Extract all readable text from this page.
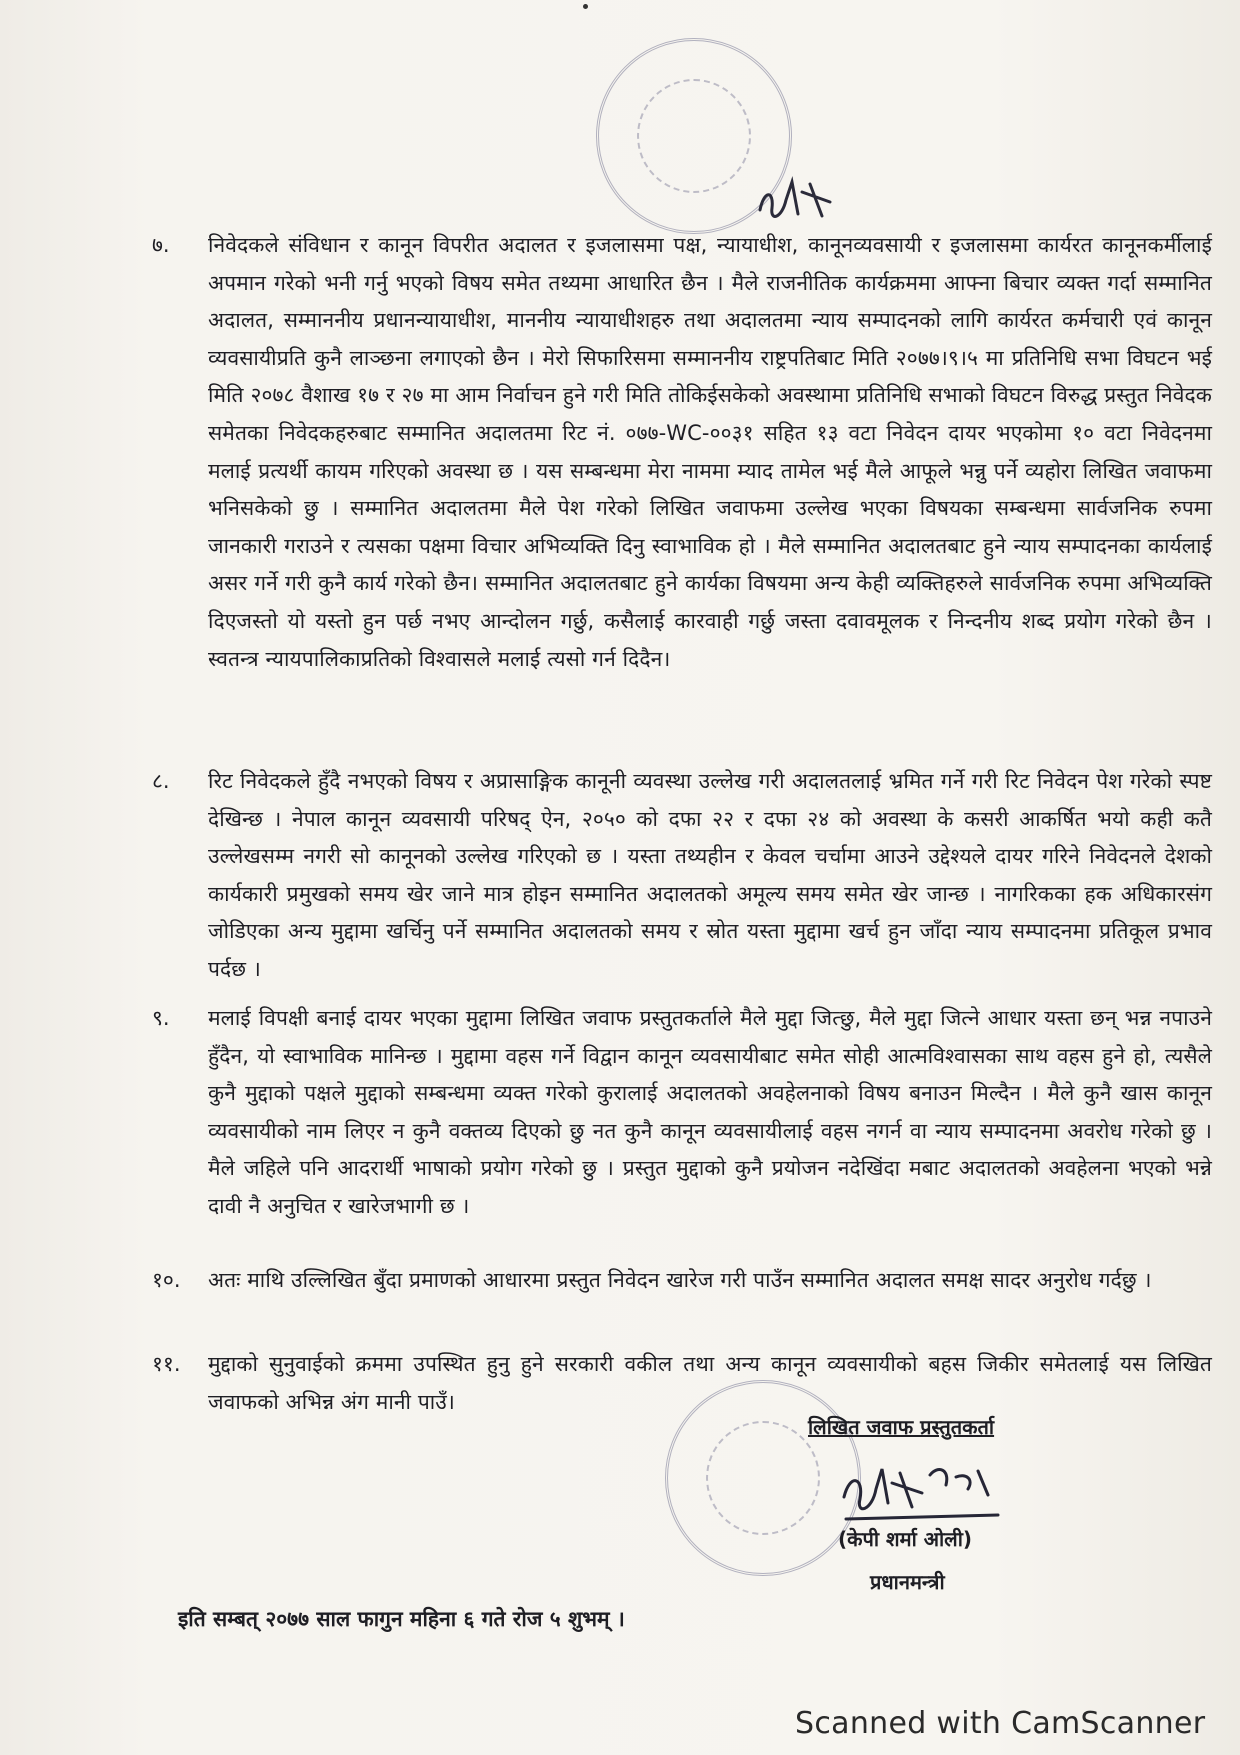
७.	निवेदकले संविधान र कानून विपरीत अदालत र इजलासमा पक्ष, न्यायाधीश, कानूनव्यवसायी र इजलासमा कार्यरत कानूनकर्मीलाई अपमान गरेको भनी गर्नु भएको विषय समेत तथ्यमा आधारित छैन । मैले राजनीतिक कार्यक्रममा आफ्ना बिचार व्यक्त गर्दा सम्मानित अदालत, सम्माननीय प्रधानन्यायाधीश, माननीय न्यायाधीशहरु तथा अदालतमा न्याय सम्पादनको लागि कार्यरत कर्मचारी एवं कानून व्यवसायीप्रति कुनै लाञ्छना लगाएको छैन । मेरो सिफारिसमा सम्माननीय राष्ट्रपतिबाट मिति २०७७।९।५ मा प्रतिनिधि सभा विघटन भई मिति २०७८ वैशाख १७ र २७ मा आम निर्वाचन हुने गरी मिति तोकिईसकेको अवस्थामा प्रतिनिधि सभाको विघटन विरुद्ध प्रस्तुत निवेदक समेतका निवेदकहरुबाट सम्मानित अदालतमा रिट नं. ०७७-WC-००३१ सहित १३ वटा निवेदन दायर भएकोमा १० वटा निवेदनमा मलाई प्रत्यर्थी कायम गरिएको अवस्था छ । यस सम्बन्धमा मेरा नाममा म्याद तामेल भई मैले आफूले भन्नु पर्ने व्यहोरा लिखित जवाफमा भनिसकेको छु । सम्मानित अदालतमा मैले पेश गरेको लिखित जवाफमा उल्लेख भएका विषयका सम्बन्धमा सार्वजनिक रुपमा जानकारी गराउने र त्यसका पक्षमा विचार अभिव्यक्ति दिनु स्वाभाविक हो । मैले सम्मानित अदालतबाट हुने न्याय सम्पादनका कार्यलाई असर गर्ने गरी कुनै कार्य गरेको छैन। सम्मानित अदालतबाट हुने कार्यका विषयमा अन्य केही व्यक्तिहरुले सार्वजनिक रुपमा अभिव्यक्ति दिएजस्तो यो यस्तो हुन पर्छ नभए आन्दोलन गर्छु, कसैलाई कारवाही गर्छु जस्ता दवावमूलक र निन्दनीय शब्द प्रयोग गरेको छैन । स्वतन्त्र न्यायपालिकाप्रतिको विश्वासले मलाई त्यसो गर्न दिदैन।
८.	रिट निवेदकले हुँदै नभएको विषय र अप्रासाङ्गिक कानूनी व्यवस्था उल्लेख गरी अदालतलाई भ्रमित गर्ने गरी रिट निवेदन पेश गरेको स्पष्ट देखिन्छ । नेपाल कानून व्यवसायी परिषद् ऐन, २०५० को दफा २२ र दफा २४ को अवस्था के कसरी आकर्षित भयो कही कतै उल्लेखसम्म नगरी सो कानूनको उल्लेख गरिएको छ । यस्ता तथ्यहीन र केवल चर्चामा आउने उद्देश्यले दायर गरिने निवेदनले देशको कार्यकारी प्रमुखको समय खेर जाने मात्र होइन सम्मानित अदालतको अमूल्य समय समेत खेर जान्छ । नागरिकका हक अधिकारसंग जोडिएका अन्य मुद्दामा खर्चिनु पर्ने सम्मानित अदालतको समय र स्रोत यस्ता मुद्दामा खर्च हुन जाँदा न्याय सम्पादनमा प्रतिकूल प्रभाव पर्दछ ।
९.	मलाई विपक्षी बनाई दायर भएका मुद्दामा लिखित जवाफ प्रस्तुतकर्ताले मैले मुद्दा जित्छु, मैले मुद्दा जित्ने आधार यस्ता छन् भन्न नपाउने हुँदैन, यो स्वाभाविक मानिन्छ । मुद्दामा वहस गर्ने विद्वान कानून व्यवसायीबाट समेत सोही आत्मविश्वासका साथ वहस हुने हो, त्यसैले कुनै मुद्दाको पक्षले मुद्दाको सम्बन्धमा व्यक्त गरेको कुरालाई अदालतको अवहेलनाको विषय बनाउन मिल्दैन । मैले कुनै खास कानून व्यवसायीको नाम लिएर न कुनै वक्तव्य दिएको छु नत कुनै कानून व्यवसायीलाई वहस नगर्न वा न्याय सम्पादनमा अवरोध गरेको छु । मैले जहिले पनि आदरार्थी भाषाको प्रयोग गरेको छु । प्रस्तुत मुद्दाको कुनै प्रयोजन नदेखिंदा मबाट अदालतको अवहेलना भएको भन्ने दावी नै अनुचित र खारेजभागी छ ।
१०.	अतः माथि उल्लिखित बुँदा प्रमाणको आधारमा प्रस्तुत निवेदन खारेज गरी पाउँन सम्मानित अदालत समक्ष सादर अनुरोध गर्दछु ।
११.	मुद्दाको सुनुवाईको क्रममा उपस्थित हुनु हुने सरकारी वकील तथा अन्य कानून व्यवसायीको बहस जिकीर समेतलाई यस लिखित जवाफको अभिन्न अंग मानी पाउँ।
लिखित जवाफ प्रस्तुतकर्ता
(केपी शर्मा ओली)
प्रधानमन्त्री
इति सम्बत् २०७७ साल फागुन महिना ६ गते रोज ५ शुभम् ।
Scanned with CamScanner
